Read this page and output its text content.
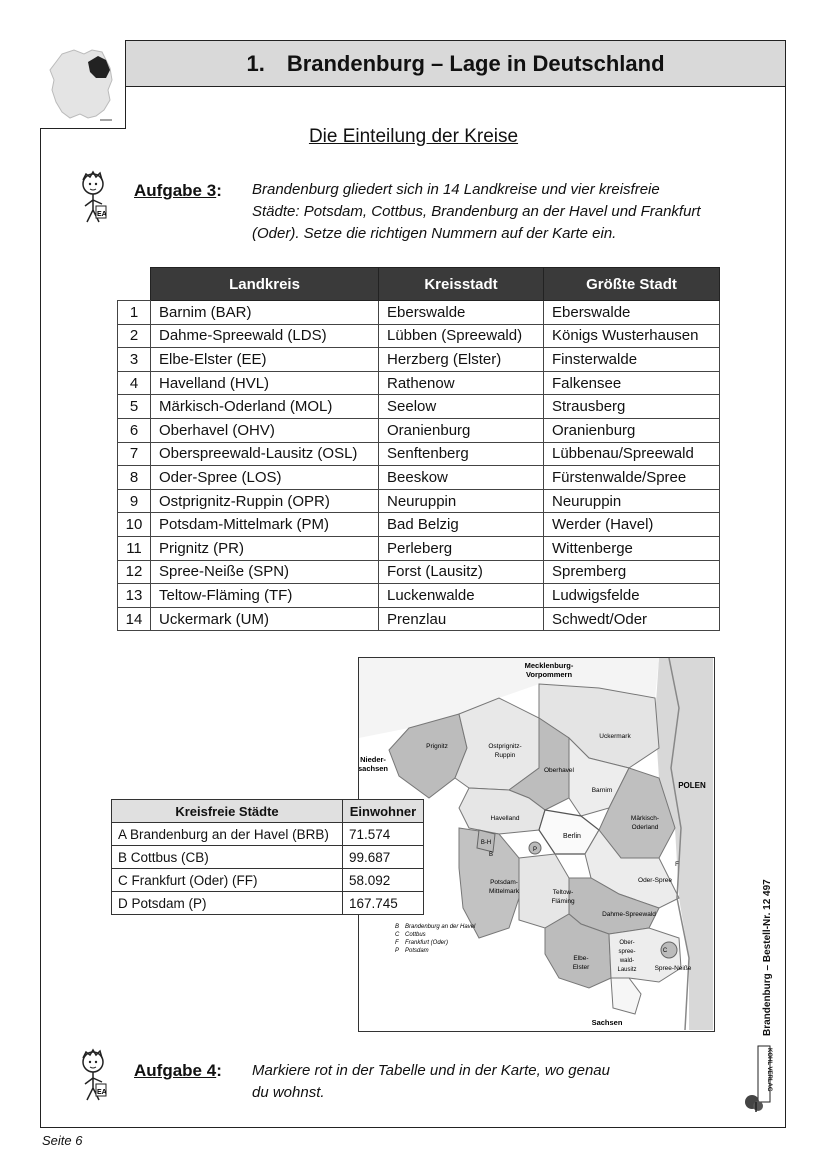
1. Brandenburg – Lage in Deutschland
Die Einteilung der Kreise
EA
Aufgabe 3: Brandenburg gliedert sich in 14 Landkreise und vier kreisfreie
Städte: Potsdam, Cottbus, Brandenburg an der Havel und Frankfurt
(Oder). Setze die richtigen Nummern auf der Karte ein.
	Landkreis	Kreisstadt	Größte Stadt
1	Barnim (BAR)	Eberswalde	Eberswalde
2	Dahme-Spreewald (LDS)	Lübben (Spreewald)	Königs Wusterhausen
3	Elbe-Elster (EE)	Herzberg (Elster)	Finsterwalde
4	Havelland (HVL)	Rathenow	Falkensee
5	Märkisch-Oderland (MOL)	Seelow	Strausberg
6	Oberhavel (OHV)	Oranienburg	Oranienburg
7	Oberspreewald-Lausitz (OSL)	Senftenberg	Lübbenau/Spreewald
8	Oder-Spree (LOS)	Beeskow	Fürstenwalde/Spree
9	Ostprignitz-Ruppin (OPR)	Neuruppin	Neuruppin
10	Potsdam-Mittelmark (PM)	Bad Belzig	Werder (Havel)
11	Prignitz (PR)	Perleberg	Wittenberge
12	Spree-Neiße (SPN)	Forst (Lausitz)	Spremberg
13	Teltow-Fläming (TF)	Luckenwalde	Ludwigsfelde
14	Uckermark (UM)	Prenzlau	Schwedt/Oder
Mecklenburg-
Vorpommern
Nieder-
sachsen
POLEN
Sachsen
Prignitz	Ostprignitz-
Ruppin
Uckermark
Oberhavel
Barnim
Havelland
Berlin
Märkisch-
Oderland
Potsdam-
Mittelmark	Teltow-
Fläming
Oder-Spree
Dahme-Spreewald
Elbe-
Elster
Ober-
spree-
wald-
Lausitz	Spree-Neiße
B-H
B
P
F
C
B Brandenburg an der Havel
C Cottbus
F Frankfurt (Oder)
P Potsdam
Kreisfreie Städte	Einwohner
A Brandenburg an der Havel (BRB)	71.574
B Cottbus (CB)	99.687
C Frankfurt (Oder) (FF)	58.092
D Potsdam (P)	167.745
EA
Aufgabe 4: Markiere rot in der Tabelle und in der Karte, wo genau
du wohnst.
Brandenburg – Bestell-Nr. 12 497
KOHL VERLAG
Seite 6
